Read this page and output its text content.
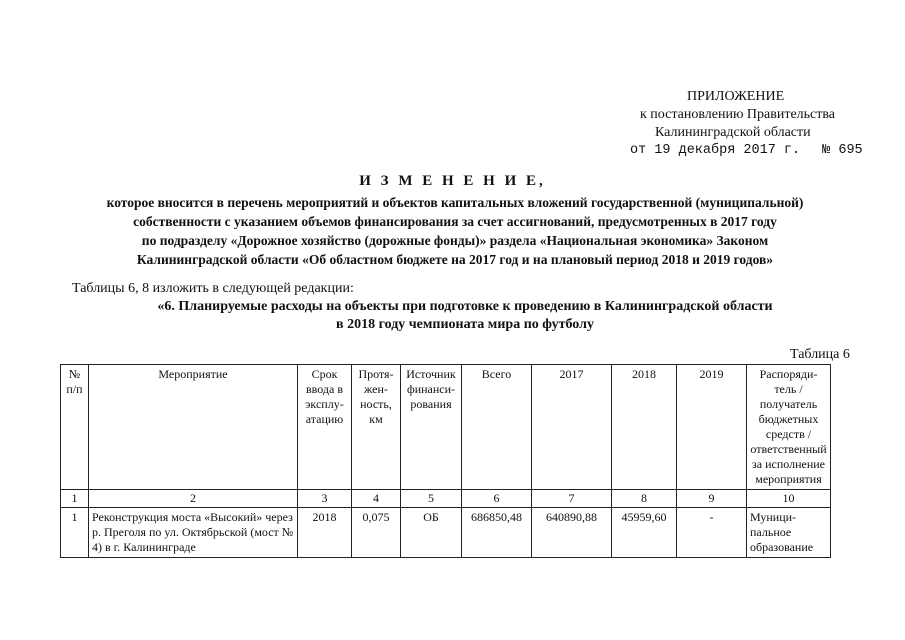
ПРИЛОЖЕНИЕ
к постановлению Правительства
Калининградской области
от 19 декабря 2017 г. № 695
И З М Е Н Е Н И Е,
которое вносится в перечень мероприятий и объектов капитальных вложений государственной (муниципальной)
собственности с указанием объемов финансирования за счет ассигнований, предусмотренных в 2017 году
по подразделу «Дорожное хозяйство (дорожные фонды)» раздела «Национальная экономика» Законом
Калининградской области «Об областном бюджете на 2017 год и на плановый период 2018 и 2019 годов»
Таблицы 6, 8 изложить в следующей редакции:
«6. Планируемые расходы на объекты при подготовке к проведению в Калининградской области
в 2018 году чемпионата мира по футболу
Таблица 6
№ п/п	Мероприятие	Срок ввода в эксплу-атацию	Протя-жен-ность, км	Источник финанси-рования	Всего	2017	2018	2019	Распоряди-тель / получатель бюджетных средств / ответственный за исполнение мероприятия
1	2	3	4	5	6	7	8	9	10
1	Реконструкция моста «Высокий» через р. Преголя по ул. Октябрьской (мост № 4) в г. Калининграде	2018	0,075	ОБ	686850,48	640890,88	45959,60	-	Муници-пальное образование
